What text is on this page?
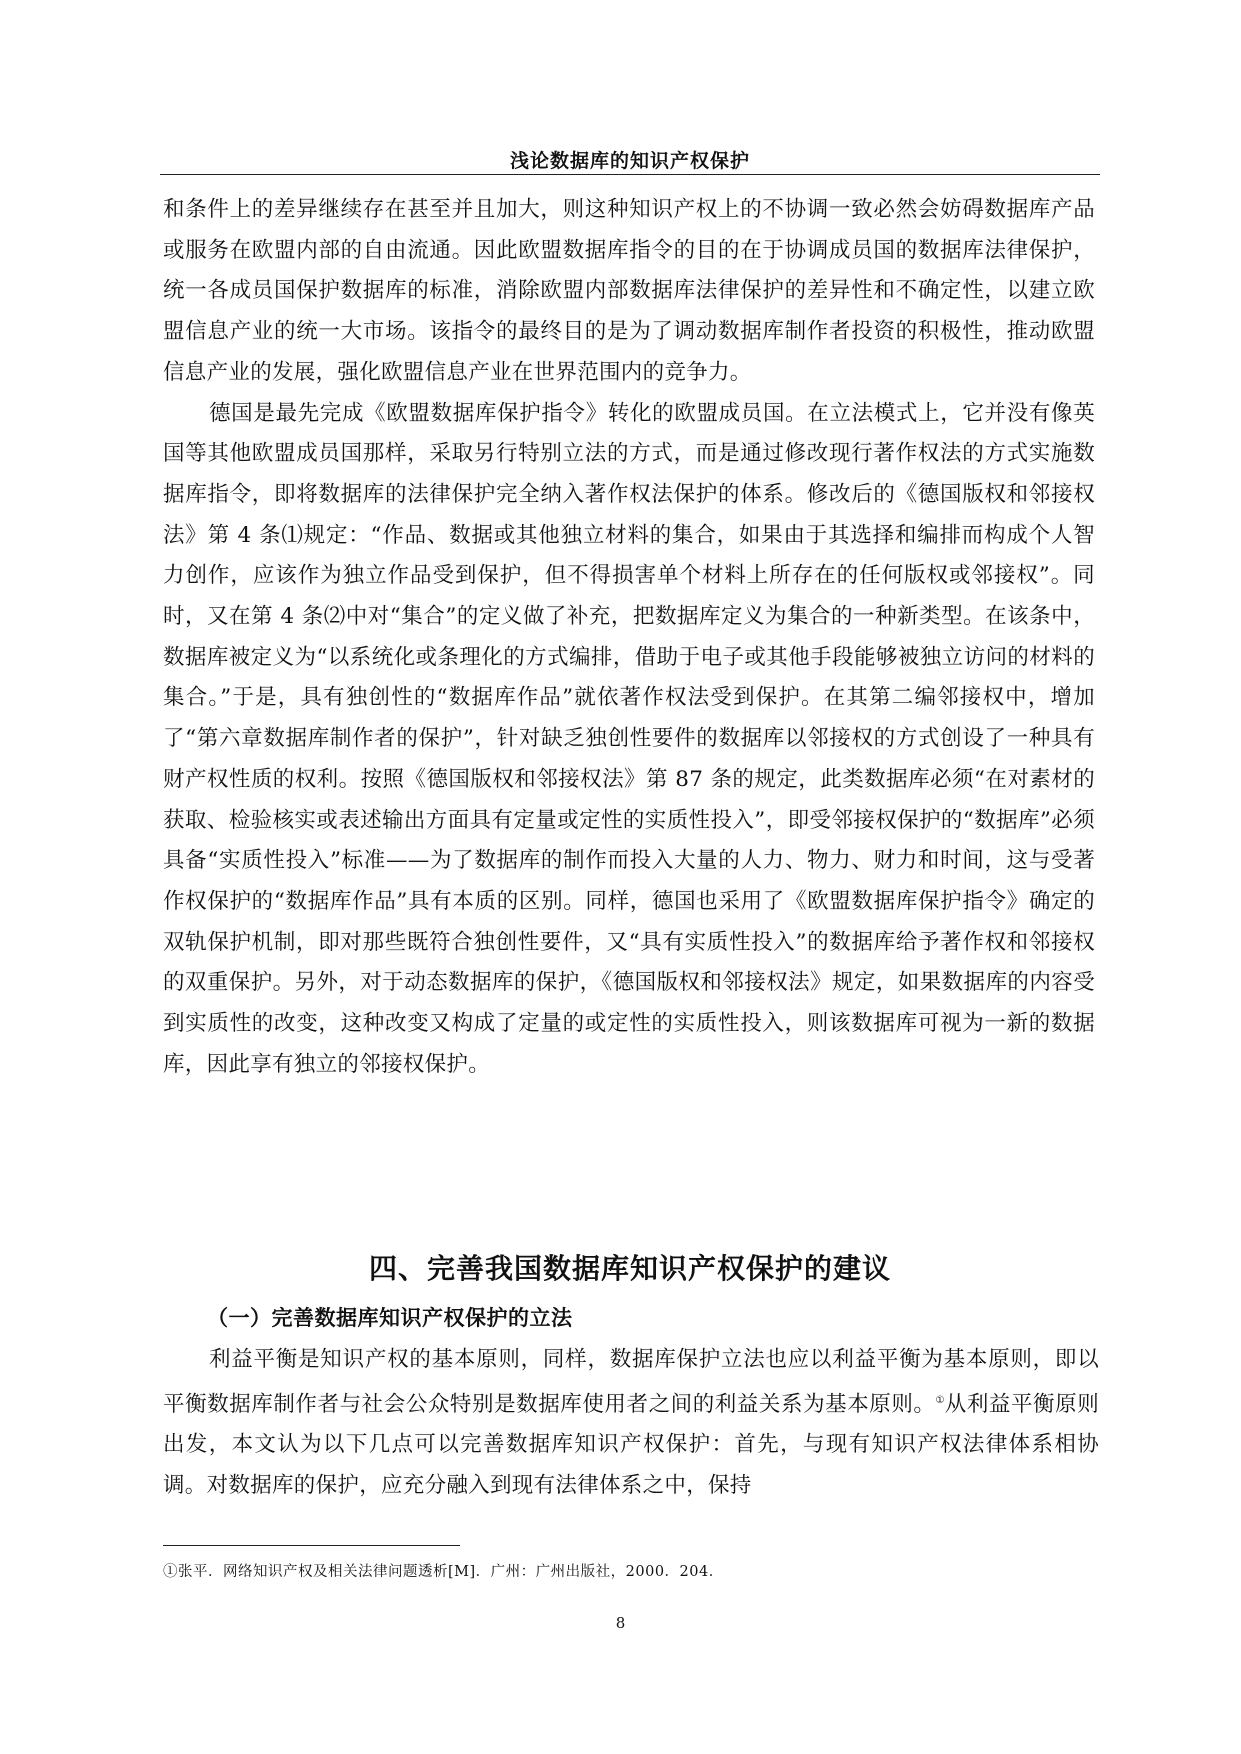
浅论数据库的知识产权保护

和条件上的差异继续存在甚至并且加大，则这种知识产权上的不协调一致必然会妨碍数据库产品或服务在欧盟内部的自由流通。因此欧盟数据库指令的目的在于协调成员国的数据库法律保护，统一各成员国保护数据库的标准，消除欧盟内部数据库法律保护的差异性和不确定性，以建立欧盟信息产业的统一大市场。该指令的最终目的是为了调动数据库制作者投资的积极性，推动欧盟信息产业的发展，强化欧盟信息产业在世界范围内的竞争力。

德国是最先完成《欧盟数据库保护指令》转化的欧盟成员国。在立法模式上，它并没有像英国等其他欧盟成员国那样，采取另行特别立法的方式，而是通过修改现行著作权法的方式实施数据库指令，即将数据库的法律保护完全纳入著作权法保护的体系。修改后的《德国版权和邻接权法》第 4 条⑴规定：“作品、数据或其他独立材料的集合，如果由于其选择和编排而构成个人智力创作，应该作为独立作品受到保护，但不得损害单个材料上所存在的任何版权或邻接权”。同时，又在第 4 条⑵中对“集合”的定义做了补充，把数据库定义为集合的一种新类型。在该条中，数据库被定义为“以系统化或条理化的方式编排，借助于电子或其他手段能够被独立访问的材料的集合。”于是，具有独创性的“数据库作品”就依著作权法受到保护。在其第二编邻接权中，增加了“第六章数据库制作者的保护”，针对缺乏独创性要件的数据库以邻接权的方式创设了一种具有财产权性质的权利。按照《德国版权和邻接权法》第 87 条的规定，此类数据库必须“在对素材的获取、检验核实或表述输出方面具有定量或定性的实质性投入”，即受邻接权保护的“数据库”必须具备“实质性投入”标准——为了数据库的制作而投入大量的人力、物力、财力和时间，这与受著作权保护的“数据库作品”具有本质的区别。同样，德国也采用了《欧盟数据库保护指令》确定的双轨保护机制，即对那些既符合独创性要件，又“具有实质性投入”的数据库给予著作权和邻接权的双重保护。另外，对于动态数据库的保护，《德国版权和邻接权法》规定，如果数据库的内容受到实质性的改变，这种改变又构成了定量的或定性的实质性投入，则该数据库可视为一新的数据库，因此享有独立的邻接权保护。

四、完善我国数据库知识产权保护的建议
（一）完善数据库知识产权保护的立法

利益平衡是知识产权的基本原则，同样，数据库保护立法也应以利益平衡为基本原则，即以平衡数据库制作者与社会公众特别是数据库使用者之间的利益关系为基本原则。①从利益平衡原则出发，本文认为以下几点可以完善数据库知识产权保护：首先，与现有知识产权法律体系相协调。对数据库的保护，应充分融入到现有法律体系之中，保持

①张平．网络知识产权及相关法律问题透析[M]．广州：广州出版社，2000．204．
8
